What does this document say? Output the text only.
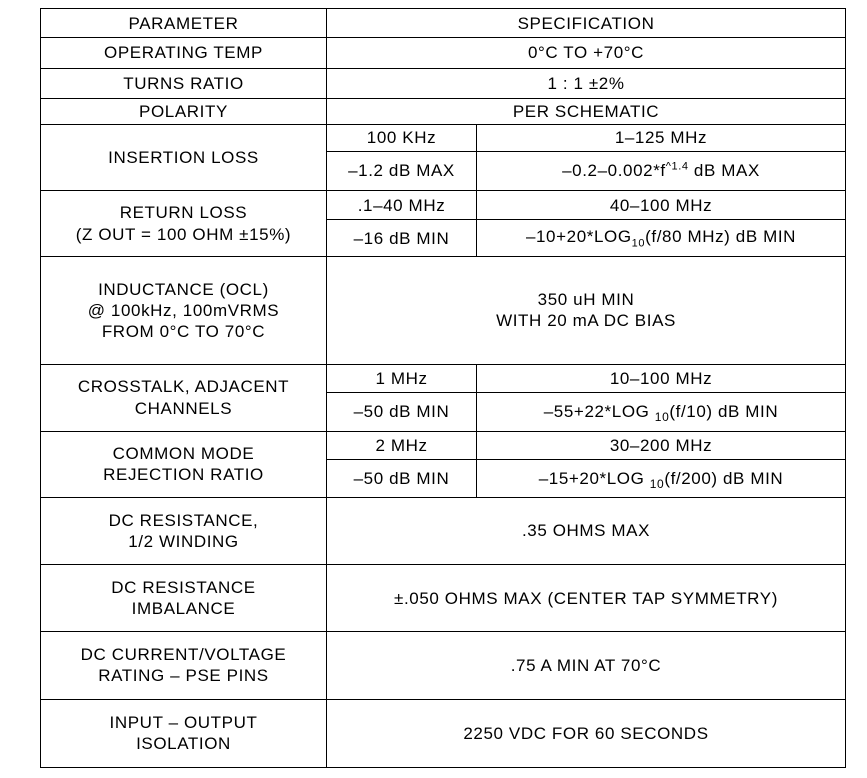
PARAMETER	SPECIFICATION	
OPERATING TEMP	0°C TO +70°C	
TURNS RATIO	1 : 1 ±2%	
POLARITY	PER SCHEMATIC	
INSERTION LOSS	100 KHz	1–125 MHz
	–1.2 dB MAX	$-0.2-0.002*f^{\^{}1.4}$ dB MAX

RETURN LOSS
(Z OUT = 100 OHM ±15%)	.1–40 MHz	40–100 MHz
	–16 dB MIN	$-10+20*LOG_{10}(f/80$ MHz) dB MIN

INDUCTANCE (OCL)
@ 100kHz, 100mVRMS
FROM 0°C TO 70°C	350 uH MIN
WITH 20 mA DC BIAS	

CROSSTALK, ADJACENT
CHANNELS	1 MHz	10–100 MHz
	–50 dB MIN	–55+22*LOG $_{10}$(f/10) dB MIN

COMMON MODE
REJECTION RATIO	2 MHz	30–200 MHz
	–50 dB MIN	–15+20*LOG $_{10}$(f/200) dB MIN

DC RESISTANCE,
1/2 WINDING	.35 OHMS MAX	

DC RESISTANCE
IMBALANCE	±.050 OHMS MAX (CENTER TAP SYMMETRY)	

DC CURRENT/VOLTAGE
RATING – PSE PINS	.75 A MIN AT 70°C	

INPUT – OUTPUT
ISOLATION	2250 VDC FOR 60 SECONDS	
